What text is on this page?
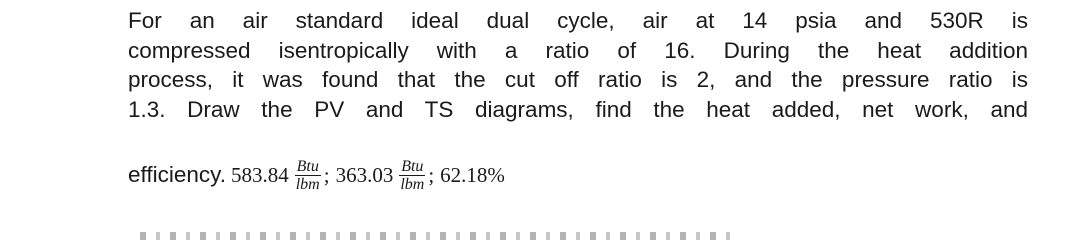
For an air standard ideal dual cycle, air at 14 psia and 530R is
compressed isentropically with a ratio of 16. During the heat addition
process, it was found that the cut off ratio is 2, and the pressure ratio is
1.3. Draw the PV and TS diagrams, find the heat added, net work, and
efficiency. $583.84 \frac{\text{Btu}}{\text{lbm}}$ ; $363.03 \frac{\text{Btu}}{\text{lbm}}$ ; 62.18%
